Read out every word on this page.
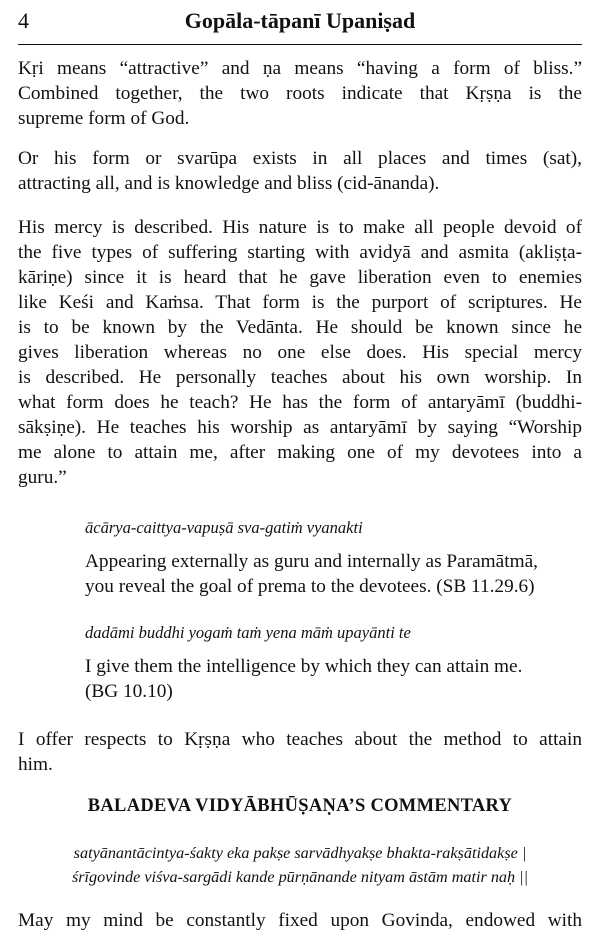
4	Gopāla-tāpanī Upaniṣad
Kṛi means “attractive” and ṇa means “having a form of bliss.”
Combined together, the two roots indicate that Kṛṣṇa is the
supreme form of God.
Or his form or svarūpa exists in all places and times (sat),
attracting all, and is knowledge and bliss (cid-ānanda).
His mercy is described. His nature is to make all people devoid of
the five types of suffering starting with avidyā and asmita (akliṣṭa-
kāriṇe) since it is heard that he gave liberation even to enemies
like Keśi and Kaṁsa. That form is the purport of scriptures. He
is to be known by the Vedānta. He should be known since he
gives liberation whereas no one else does. His special mercy
is described. He personally teaches about his own worship. In
what form does he teach? He has the form of antaryāmī (buddhi-
sākṣiṇe). He teaches his worship as antaryāmī by saying “Worship
me alone to attain me, after making one of my devotees into a
guru.”
ācārya-caittya-vapuṣā sva-gatiṁ vyanakti
Appearing externally as guru and internally as Paramātmā,
you reveal the goal of prema to the devotees. (SB 11.29.6)
dadāmi buddhi yogaṁ taṁ yena māṁ upayānti te
I give them the intelligence by which they can attain me.
(BG 10.10)
I offer respects to Kṛṣṇa who teaches about the method to attain
him.
BALADEVA VIDYĀBHŪṢAṆA’S COMMENTARY
satyānantācintya-śakty eka pakṣe sarvādhyakṣe bhakta-rakṣātidakṣe |
śrīgovinde viśva-sargādi kande pūrṇānande nityam āstām matir naḥ ||
May my mind be constantly fixed upon Govinda, endowed with
